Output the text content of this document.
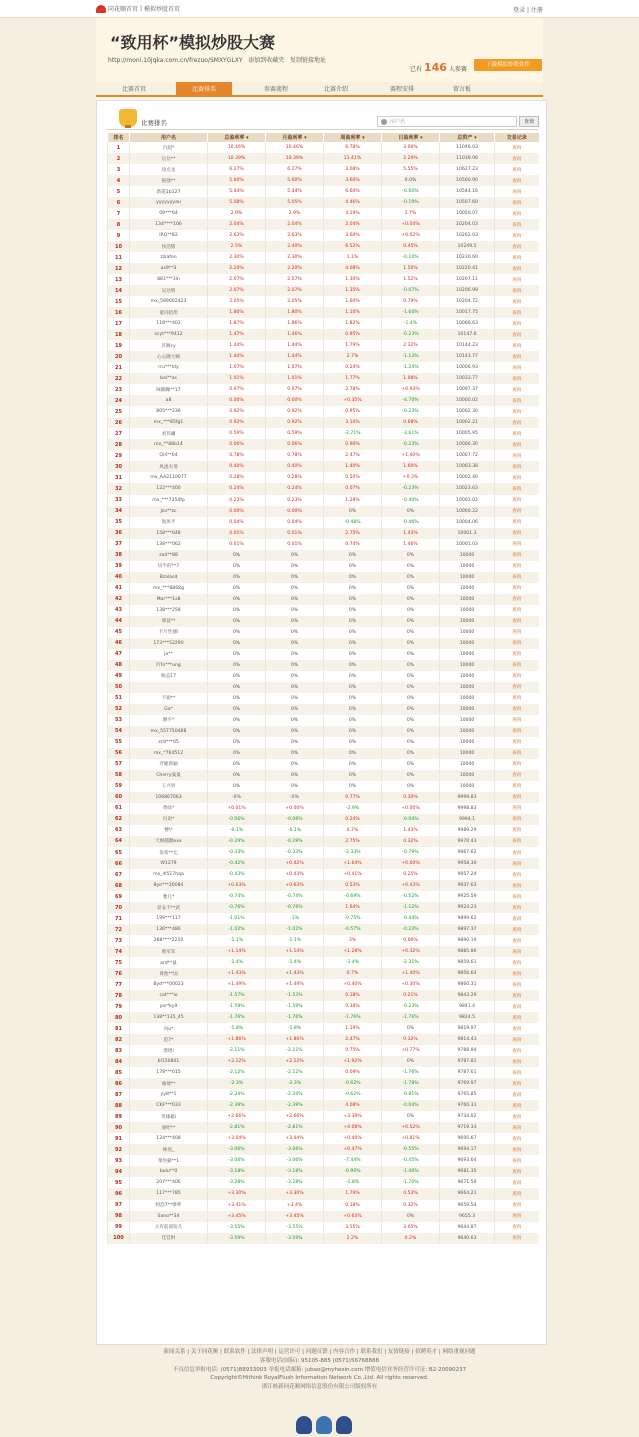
同花顺首页 | 模拟炒股首页	登录 | 注册
“致用杯”模拟炒股大赛
http://moni.10jqka.com.cn/frezuo/SMXYGLXY 添加到收藏夹 复制链接地址
已有 146 人参赛
下载模拟炒股软件
比赛首页	比赛排名	参赛流程	比赛介绍	赛程安排	留言板
比赛排名	用户名	查询
排名	用户名	总盈利率 ▾	月盈利率 ▾	周盈利率 ▾	日盈利率 ▾	总资产 ▾	交易记录
1	汽超*	10.46%	10.46%	6.78%	3.06%	11046.03	查询
2	岳岳**	10.39%	10.39%	11.41%	2.29%	11039.06	查询
3	徐点龙	6.27%	6.27%	3.08%	5.55%	10627.23	查询
4	振强**	5.60%	5.60%	3.60%	0.0%	10560.90	查询
5	新霞1b127	5.44%	5.44%	6.60%	-0.60%	10544.16	查询
6	yyyyyyyau	5.08%	5.05%	4.46%	-0.19%	10507.60	查询
7	09***64	2.9%	2.9%	4.19%	1.7%	10050.07	查询
8	134****106	2.04%	2.04%	2.04%	+0.04%	10204.03	查询
9	lRQ**82	2.63%	2.63%	3.60%	+0.02%	10262.03	查询
10	快活猪	2.5%	2.40%	6.52%	0.45%	10249.5	查询
11	zziafon	2.30%	2.30%	1.1%	-0.10%	10230.60	查询
12	as9**3	2.20%	2.20%	4.08%	1.50%	10220.41	查询
13	881***3ln	2.07%	2.07%	1.30%	1.52%	10207.11	查询
14	吴达明	2.07%	2.07%	1.35%	-0.07%	10206.99	查询
15	mx_599002423	2.05%	2.05%	1.60%	0.79%	10204.72	查询
16	童闪皑坦	1.80%	1.80%	1.10%	-1.64%	10017.75	查询
17	118***403	1.87%	1.86%	1.82%	-1.4%	10066.63	查询
18	xcyt***9412	1.47%	1.46%	0.95%	-0.23%	10147.6	查询
19	苏婉cy	1.44%	1.44%	1.79%	2.32%	10144.23	查询
20	心心隆大贼	1.44%	1.44%	2.7%	-1.13%	10143.77	查询
21	rru***ldy	1.07%	1.07%	0.24%	-1.24%	10006.93	查询
22	bal**as	1.01%	1.01%	1.77%	1.08%	10033.77	查询
23	咪蹦蹦**17	0.97%	0.97%	2.78%	+0.93%	10097.37	查询
24	a8	0.00%	0.00%	+0.35%	-4.70%	10000.02	查询
25	805***236	0.92%	0.92%	0.95%	-0.23%	10002.30	查询
26	mx_***85fg1	0.92%	0.92%	3.10%	0.68%	10002.21	查询
27	刘伟斓	0.59%	0.59%	-2.71%	-3.61%	10005.95	查询
28	mx_**88b14	0.06%	0.06%	0.90%	-0.23%	10006.30	查询
29	Qi4**04	0.78%	0.78%	2.47%	+1.40%	10007.72	查询
30	风流夫哥	0.40%	0.40%	1.40%	1.60%	10003.38	查询
31	mx_AA2110077	0.28%	0.28%	0.50%	+0.3%	10002.40	查询
32	122***400	0.24%	0.24%	0.07%	-0.23%	10023.63	查询
33	mx_***7354fp	0.23%	0.23%	1.28%	-0.40%	10003.02	查询
34	Jzo**zc	0.00%	0.00%	0%	0%	10000.22	查询
35	航风平	0.04%	0.04%	-0.48%	-0.46%	10004.06	查询
36	158***648	0.01%	0.01%	2.75%	1.43%	10001.3	查询
37	138***062	0.01%	0.01%	0.74%	1.46%	10001.03	查询
38	za4**88	0%	0%	0%	0%	10000	查询
39	切半的**7	0%	0%	0%	0%	10000	查询
40	Bzalasd	0%	0%	0%	0%	10000	查询
41	mx_***8868g	0%	0%	0%	0%	10000	查询
42	Mar***1s8	0%	0%	0%	0%	10000	查询
43	138***258	0%	0%	0%	0%	10000	查询
44	邢徒**	0%	0%	0%	0%	10000	查询
45	卡片性骚i	0%	0%	0%	0%	10000	查询
46	173***52290	0%	0%	0%	0%	10000	查询
47	ja**	0%	0%	0%	0%	10000	查询
48	吖fo***ung	0%	0%	0%	0%	10000	查询
49	杨孟17	0%	0%	0%	0%	10000	查询
50		0%	0%	0%	0%	10000	查询
51	不渝**	0%	0%	0%	0%	10000	查询
52	Ga*	0%	0%	0%	0%	10000	查询
53	磨平*	0%	0%	0%	0%	10000	查询
54	mx_557750488	0%	0%	0%	0%	10000	查询
55	zc9***05	0%	0%	0%	0%	10000	查询
56	mx_*764512	0%	0%	0%	0%	10000	查询
57	弄婕新颖	0%	0%	0%	0%	10000	查询
58	Cherry曼曼	0%	0%	0%	0%	10000	查询
59	王兴男	0%	0%	0%	0%	10000	查询
60	106867063	-0%	-0%	0.77%	0.30%	9999.83	查询
61	黄啥*	+0.01%	+0.00%	-2.9%	+0.00%	9998.83	查询
62	冯语*	-0.06%	-0.06%	0.24%	-0.04%	9994.1	查询
63	楼\*	-0.1%	-0.1%	0.7%	1.43%	9989.29	查询
64	天顾越翻xxx	-0.29%	-0.29%	2.75%	0.32%	9970.43	查询
65	依希**宏	-0.33%	-0.33%	-2.33%	-0.79%	9967.62	查询
66	W1279	-0.42%	+0.42%	+1.64%	+0.60%	9958.30	查询
67	mx_#517hqa	-0.43%	+0.43%	+0.41%	0.25%	9957.24	查询
68	8yo***20084	+0.63%	+0.63%	0.53%	+0.43%	9937.63	查询
69	雅几*	-0.74%	-0.74%	-0.69%	-0.52%	9925.59	查询
70	显安不**武	-0.76%	-0.76%	1.64%	-1.12%	9924.23	查询
71	199***117	-1.01%	-1%	-0.75%	-0.44%	9899.62	查询
72	136***486	-1.02%	-1.02%	-0.57%	-0.23%	9897.37	查询
73	288****2210	-1.1%	-1.1%	3%	0.66%	9890.19	查询
74	帅军军	+1.14%	+1.14%	+1.28%	+0.32%	9885.86	查询
75	ard**鼠	-1.4%	-1.4%	-1.4%	-2.31%	9859.61	查询
76	黄他**国	+1.43%	+1.43%	0.7%	+1.40%	9856.64	查询
77	Byd***00023	+1.49%	+1.49%	+0.40%	+0.30%	9860.31	查询
78	cat***io	-1.57%	-1.53%	0.18%	0.21%	9843.29	查询
79	yor*ky9	-1.59%	-1.59%	0.38%	-0.23%	9841.4	查询
80	138**135_45	-1.76%	-1.76%	-1.76%	-1.76%	9824.5	查询
81	风u*	-1.8%	-1.8%	1.19%	0%	9819.97	查询
82	范7*	+1.86%	+1.86%	2.47%	0.32%	9814.43	查询
83	增增i	-2.11%	-2.11%	0.75%	+0.77%	9788.94	查询
84	bl150801	+2.12%	+2.12%	+1.92%	0%	9787.81	查询
85	178***015	-2.12%	-2.12%	0.09%	-1.76%	9787.61	查询
86	瑜倩**	-2.3%	-2.3%	-0.62%	-1.78%	9769.97	查询
87	yy8**1	-2.34%	-2.34%	-0.62%	-0.81%	9765.85	查询
88	CKF***033	-2.39%	-2.39%	4.08%	-0.04%	9760.31	查询
89	英雄藉i	+2.66%	+2.66%	+3.39%	0%	9734.02	查询
90	栗咔**	-2.81%	-2.81%	+4.08%	+0.52%	9719.33	查询
91	124***408	+3.04%	+3.04%	+0.40%	+0.81%	9695.67	查询
92	林瑶_	-3.06%	-3.06%	+0.47%	-0.55%	9694.17	查询
93	菜豹猫**1	-3.06%	-3.06%	-7.44%	-0.45%	9693.64	查询
94	bulu**0	-3.18%	-3.18%	-0.90%	-1.40%	9681.35	查询
95	207***406	-3.28%	-3.28%	-1.8%	-1.70%	9671.59	查询
96	117***785	+3.30%	+3.30%	1.79%	0.53%	9664.21	查询
97	阿泡7**孽呼	+3.41%	+3.4%	0.18%	0.32%	9659.54	查询
98	Sano**34	+3.45%	+3.45%	+0.63%	0%	9655.3	查询
99	元有前弱短儿	-3.55%	-3.55%	3.55%	3.05%	9644.87	查询
100	佳佳财	-3.59%	-3.59%	2.2%	0.2%	9640.63	查询
新闻关系 | 关于同花顺 | 联系软件 | 法律声明 | 运营许可 | 问题反馈 | 内容合作 | 联系我们 | 友情链接 | 招聘英才 | 网络重视问题
客服电话(国际): 95105-885 (0571)56768888
不良信息举报电话: (0571)88933003 举报电话邮箱: jubao@myhexin.com 增值电信业务经营许可证: B2-20090237
Copyright©Hithink RoyalFlush Information Network Co.,Ltd. All rights reserved.
浙江核新同花顺网络信息股份有限公司版权所有
